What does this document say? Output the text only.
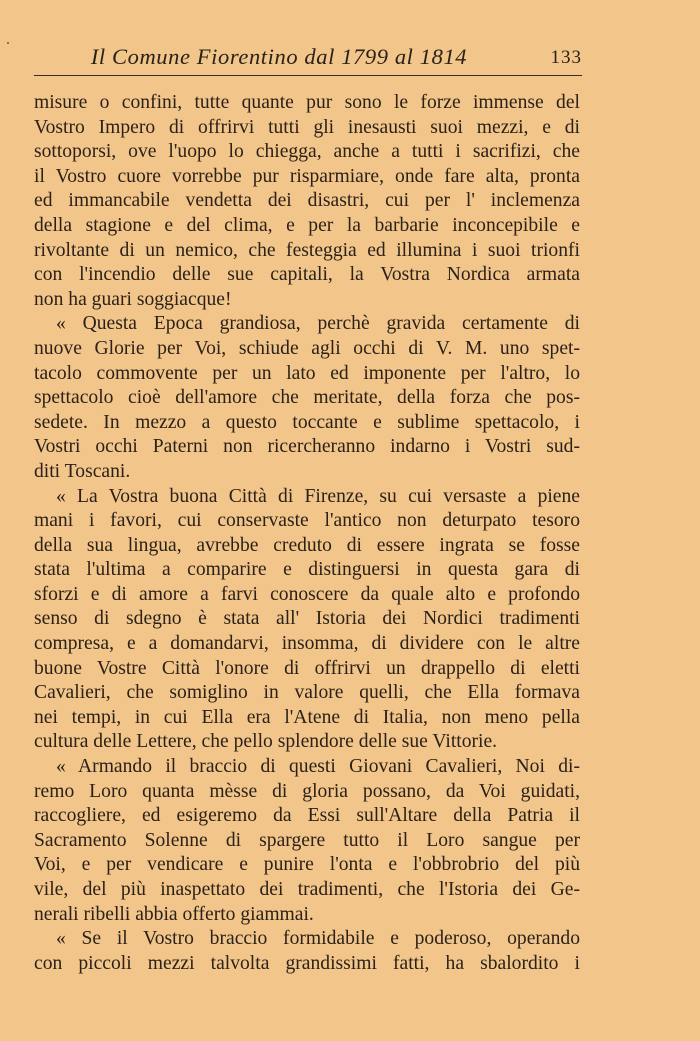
Il Comune Fiorentino dal 1799 al 1814	133
misure o confini, tutte quante pur sono le forze immense del
Vostro Impero di offrirvi tutti gli inesausti suoi mezzi, e di
sottoporsi, ove l'uopo lo chiegga, anche a tutti i sacrifizi, che
il Vostro cuore vorrebbe pur risparmiare, onde fare alta, pronta
ed immancabile vendetta dei disastri, cui per l' inclemenza
della stagione e del clima, e per la barbarie inconcepibile e
rivoltante di un nemico, che festeggia ed illumina i suoi trionfi
con l'incendio delle sue capitali, la Vostra Nordica armata
non ha guari soggiacque!
« Questa Epoca grandiosa, perchè gravida certamente di
nuove Glorie per Voi, schiude agli occhi di V. M. uno spet-
tacolo commovente per un lato ed imponente per l'altro, lo
spettacolo cioè dell'amore che meritate, della forza che pos-
sedete. In mezzo a questo toccante e sublime spettacolo, i
Vostri occhi Paterni non ricercheranno indarno i Vostri sud-
diti Toscani.
« La Vostra buona Città di Firenze, su cui versaste a piene
mani i favori, cui conservaste l'antico non deturpato tesoro
della sua lingua, avrebbe creduto di essere ingrata se fosse
stata l'ultima a comparire e distinguersi in questa gara di
sforzi e di amore a farvi conoscere da quale alto e profondo
senso di sdegno è stata all' Istoria dei Nordici tradimenti
compresa, e a domandarvi, insomma, di dividere con le altre
buone Vostre Città l'onore di offrirvi un drappello di eletti
Cavalieri, che somiglino in valore quelli, che Ella formava
nei tempi, in cui Ella era l'Atene di Italia, non meno pella
cultura delle Lettere, che pello splendore delle sue Vittorie.
« Armando il braccio di questi Giovani Cavalieri, Noi di-
remo Loro quanta mèsse di gloria possano, da Voi guidati,
raccogliere, ed esigeremo da Essi sull'Altare della Patria il
Sacramento Solenne di spargere tutto il Loro sangue per
Voi, e per vendicare e punire l'onta e l'obbrobrio del più
vile, del più inaspettato dei tradimenti, che l'Istoria dei Ge-
nerali ribelli abbia offerto giammai.
« Se il Vostro braccio formidabile e poderoso, operando
con piccoli mezzi talvolta grandissimi fatti, ha sbalordito i
